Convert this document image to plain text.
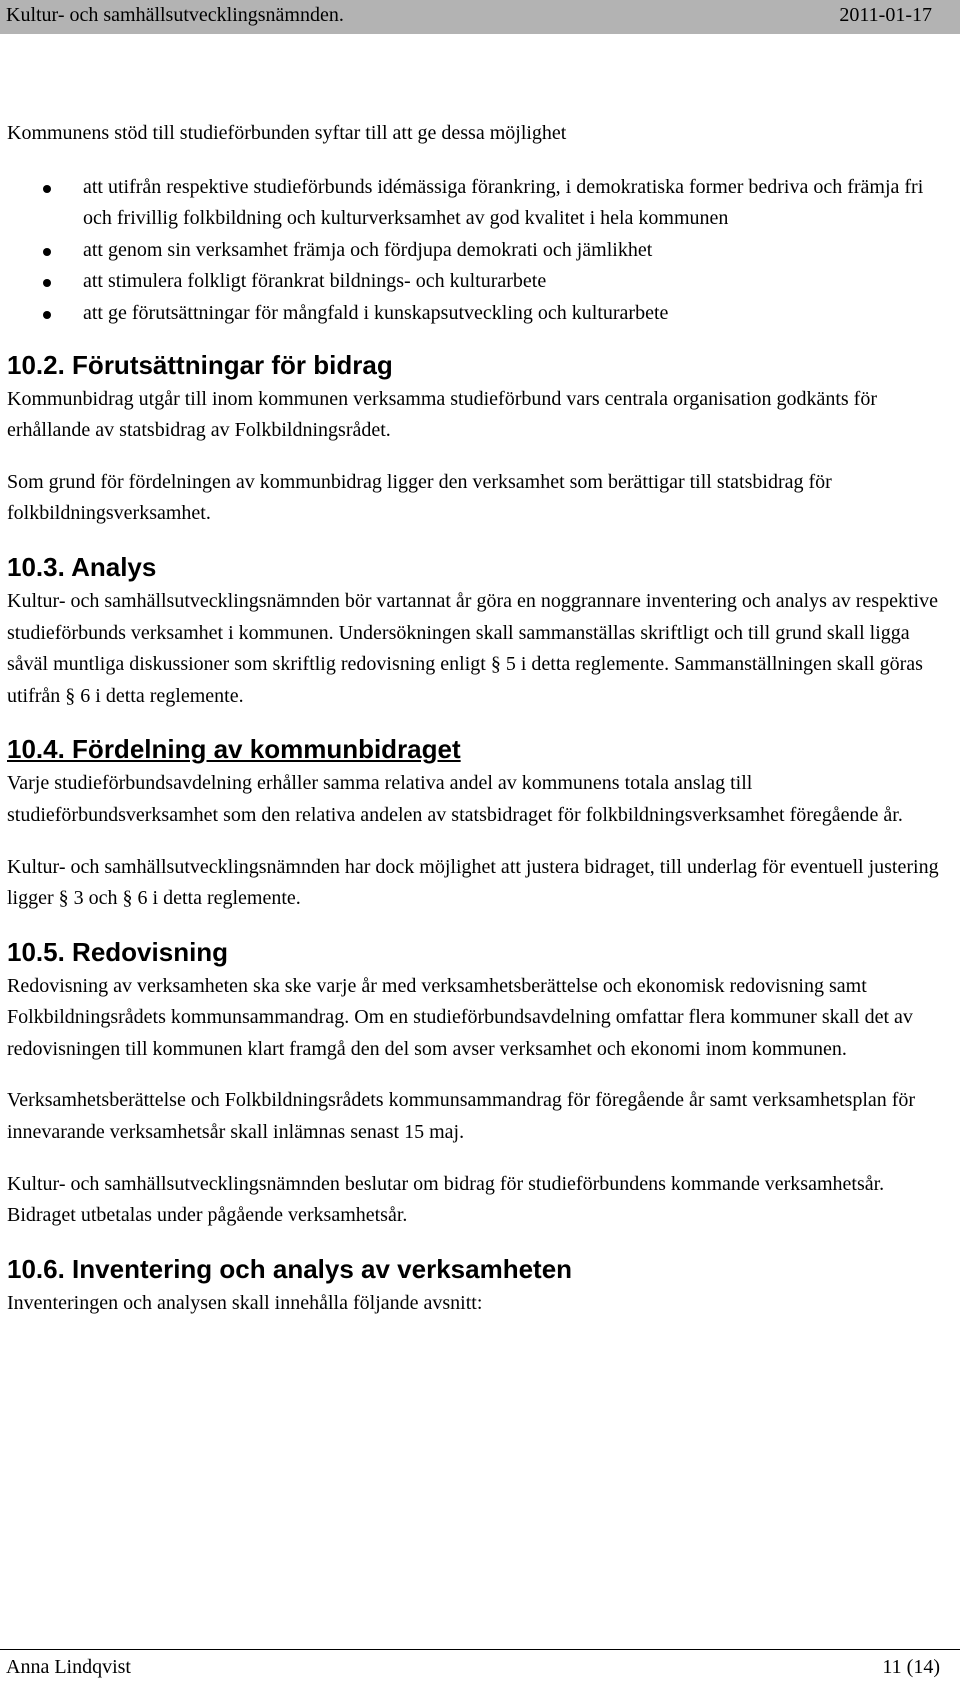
Kultur- och samhällsutvecklingsnämnden.	2011-01-17

Kommunens stöd till studieförbunden syftar till att ge dessa möjlighet

att utifrån respektive studieförbunds idémässiga förankring, i demokratiska former bedriva och främja fri och frivillig folkbildning och kulturverksamhet av god kvalitet i hela kommunen
att genom sin verksamhet främja och fördjupa demokrati och jämlikhet
att stimulera folkligt förankrat bildnings- och kulturarbete
att ge förutsättningar för mångfald i kunskapsutveckling och kulturarbete
10.2. Förutsättningar för bidrag

Kommunbidrag utgår till inom kommunen verksamma studieförbund vars centrala organisation godkänts för erhållande av statsbidrag av Folkbildningsrådet.

Som grund för fördelningen av kommunbidrag ligger den verksamhet som berättigar till statsbidrag för folkbildningsverksamhet.

10.3. Analys

Kultur- och samhällsutvecklingsnämnden bör vartannat år göra en noggrannare inventering och analys av respektive studieförbunds verksamhet i kommunen. Undersökningen skall sammanställas skriftligt och till grund skall ligga såväl muntliga diskussioner som skriftlig redovisning enligt § 5 i detta reglemente. Sammanställningen skall göras utifrån § 6 i detta reglemente.

10.4. Fördelning av kommunbidraget

Varje studieförbundsavdelning erhåller samma relativa andel av kommunens totala anslag till studieförbundsverksamhet som den relativa andelen av statsbidraget för folkbildningsverksamhet föregående år.

Kultur- och samhällsutvecklingsnämnden har dock möjlighet att justera bidraget, till underlag för eventuell justering ligger § 3 och § 6 i detta reglemente.

10.5. Redovisning

Redovisning av verksamheten ska ske varje år med verksamhetsberättelse och ekonomisk redovisning samt Folkbildningsrådets kommunsammandrag. Om en studieförbundsavdelning omfattar flera kommuner skall det av redovisningen till kommunen klart framgå den del som avser verksamhet och ekonomi inom kommunen.

Verksamhetsberättelse och Folkbildningsrådets kommunsammandrag för föregående år samt verksamhetsplan för innevarande verksamhetsår skall inlämnas senast 15 maj.

Kultur- och samhällsutvecklingsnämnden beslutar om bidrag för studieförbundens kommande verksamhetsår. Bidraget utbetalas under pågående verksamhetsår.

10.6. Inventering och analys av verksamheten

Inventeringen och analysen skall innehålla följande avsnitt:

Anna Lindqvist	11 (14)
